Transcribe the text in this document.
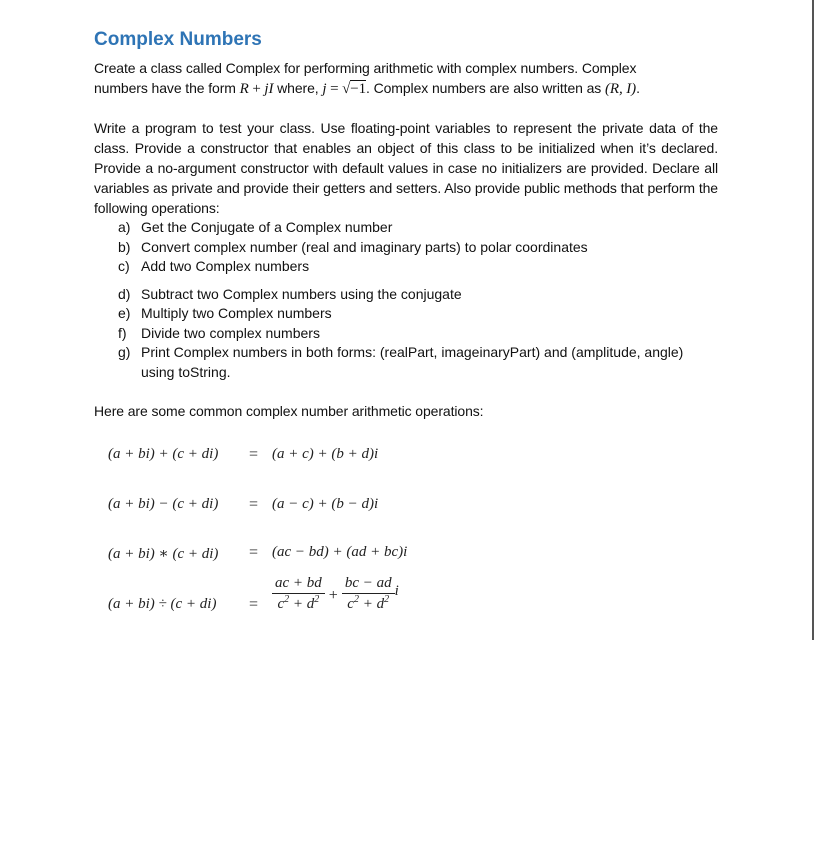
Complex Numbers

Create a class called Complex for performing arithmetic with complex numbers. Complex
numbers have the form R + jI where, j = √−1. Complex numbers are also written as (R, I).

Write a program to test your class. Use floating-point variables to represent the private data of the class. Provide a constructor that enables an object of this class to be initialized when it’s declared. Provide a no-argument constructor with default values in case no initializers are provided. Declare all variables as private and provide their getters and setters. Also provide public methods that perform the following operations:

a) Get the Conjugate of a Complex number
b) Convert complex number (real and imaginary parts) to polar coordinates
c) Add two Complex numbers
d) Subtract two Complex numbers using the conjugate
e) Multiply two Complex numbers
f) Divide two complex numbers
g) Print Complex numbers in both forms: (realPart, imageinaryPart) and (amplitude, angle) using toString.

Here are some common complex number arithmetic operations:

(a + bi) + (c + di) = (a + c) + (b + d)i
(a + bi) − (c + di) = (a − c) + (b − d)i
(a + bi) ∗ (c + di) = (ac − bd) + (ad + bc)i
$(a + bi) \div (c + di) = \frac{ac + bd}{c^2 + d^2} + \frac{bc - ad}{c^2 + d^2}$ i
